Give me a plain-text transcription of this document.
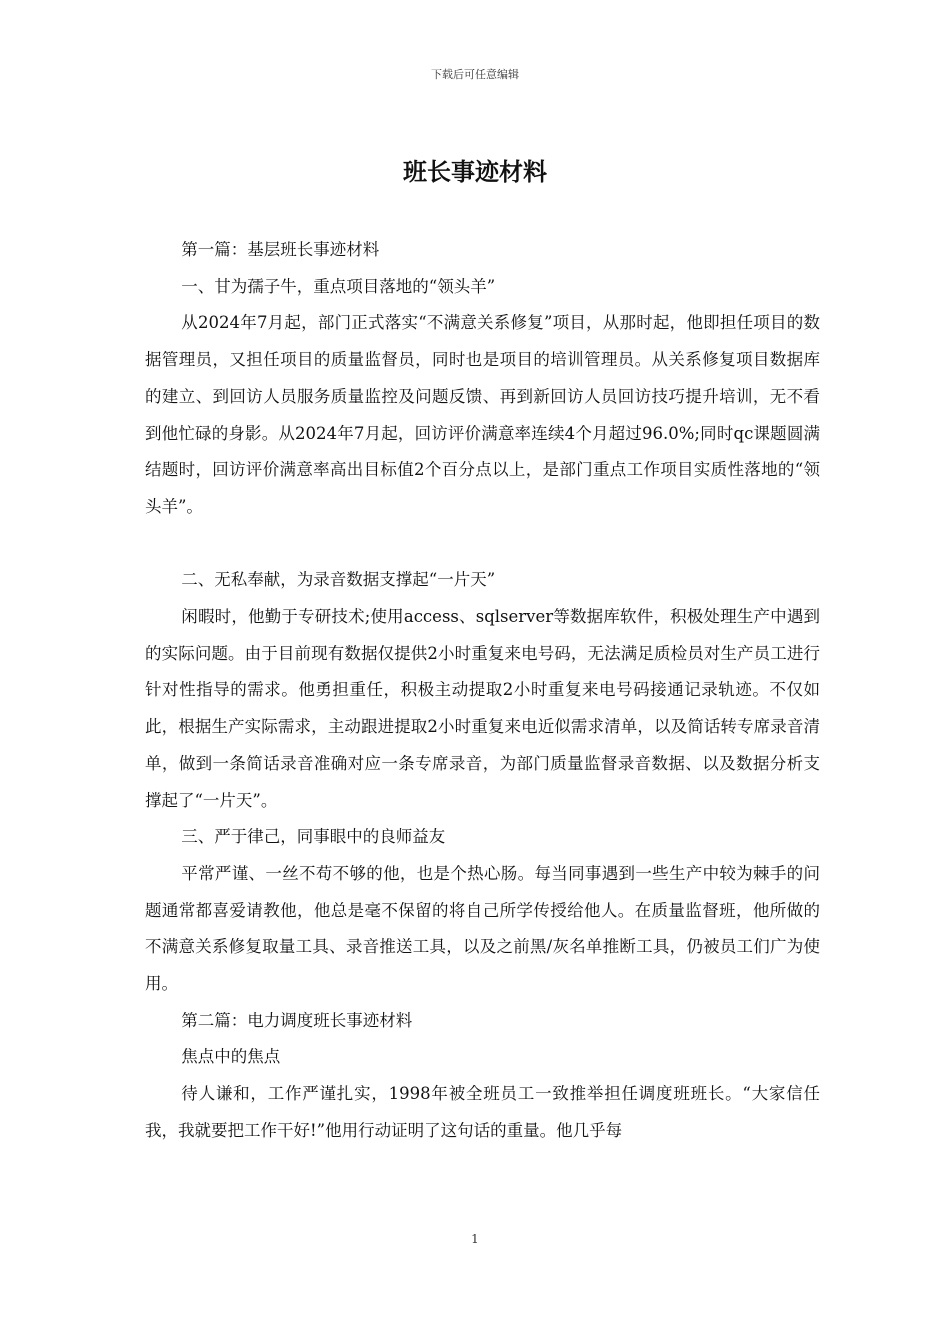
下载后可任意编辑
班长事迹材料

第一篇：基层班长事迹材料

一、甘为孺子牛，重点项目落地的“领头羊”

从2024年7月起，部门正式落实“不满意关系修复”项目，从那时起，他即担任项目的数据管理员，又担任项目的质量监督员，同时也是项目的培训管理员。从关系修复项目数据库的建立、到回访人员服务质量监控及问题反馈、再到新回访人员回访技巧提升培训，无不看到他忙碌的身影。从2024年7月起，回访评价满意率连续4个月超过96.0%;同时qc课题圆满结题时，回访评价满意率高出目标值2个百分点以上，是部门重点工作项目实质性落地的“领头羊”。

二、无私奉献，为录音数据支撑起“一片天”

闲暇时，他勤于专研技术;使用access、sqlserver等数据库软件，积极处理生产中遇到的实际问题。由于目前现有数据仅提供2小时重复来电号码，无法满足质检员对生产员工进行针对性指导的需求。他勇担重任，积极主动提取2小时重复来电号码接通记录轨迹。不仅如此，根据生产实际需求，主动跟进提取2小时重复来电近似需求清单，以及简话转专席录音清单，做到一条简话录音准确对应一条专席录音，为部门质量监督录音数据、以及数据分析支撑起了“一片天”。

三、严于律己，同事眼中的良师益友

平常严谨、一丝不苟不够的他，也是个热心肠。每当同事遇到一些生产中较为棘手的问题通常都喜爱请教他，他总是毫不保留的将自己所学传授给他人。在质量监督班，他所做的不满意关系修复取量工具、录音推送工具，以及之前黑/灰名单推断工具，仍被员工们广为使用。

第二篇：电力调度班长事迹材料

焦点中的焦点

待人谦和，工作严谨扎实，1998年被全班员工一致推举担任调度班班长。“大家信任我，我就要把工作干好!”他用行动证明了这句话的重量。他几乎每

1
